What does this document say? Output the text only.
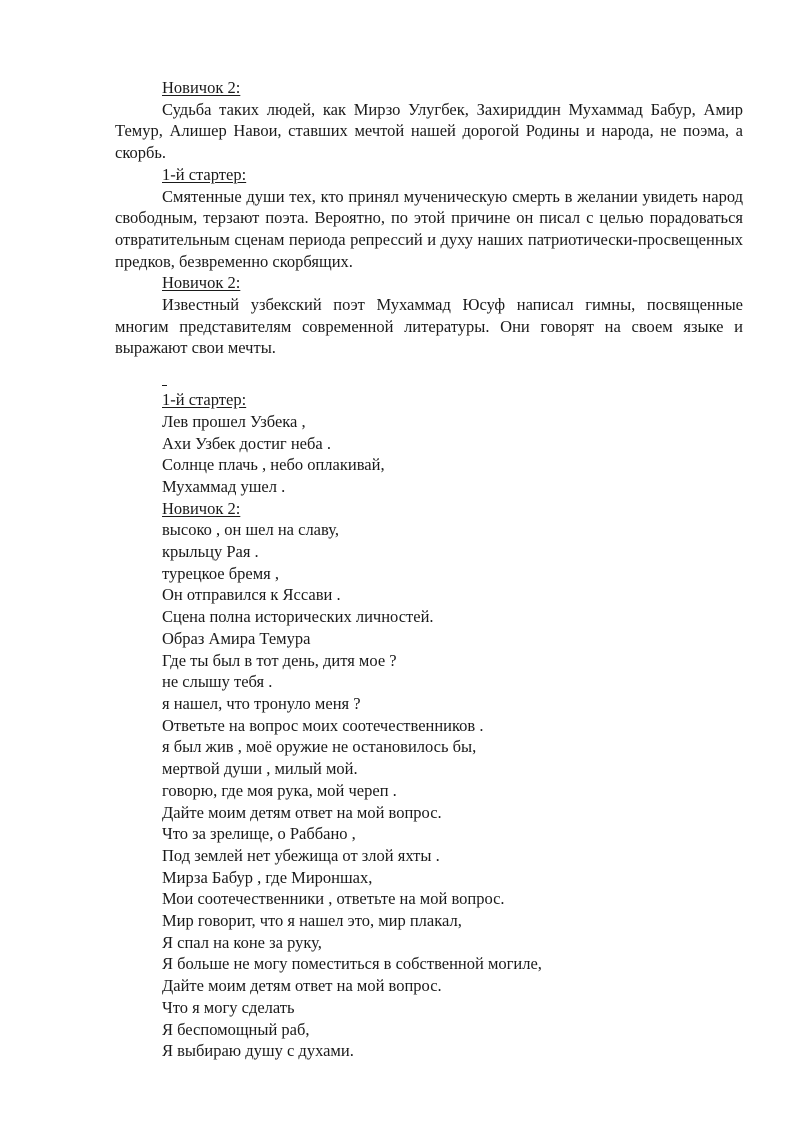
Новичок 2:

Судьба таких людей, как Мирзо Улугбек, Захириддин Мухаммад Бабур, Амир Темур, Алишер Навои, ставших мечтой нашей дорогой Родины и народа, не поэма, а скорбь.

1-й стартер:

Смятенные души тех, кто принял мученическую смерть в желании увидеть народ свободным, терзают поэта. Вероятно, по этой причине он писал с целью порадоваться отвратительным сценам периода репрессий и духу наших патриотически-просвещенных предков, безвременно скорбящих.

Новичок 2:

Известный узбекский поэт Мухаммад Юсуф написал гимны, посвященные многим представителям современной литературы. Они говорят на своем языке и выражают свои мечты.

1-й стартер:
Лев прошел Узбека ,
Ахи Узбек достиг неба .
Солнце плачь , небо оплакивай,
Мухаммад ушел .
Новичок 2:
высоко , он шел на славу,
крыльцу Рая .
турецкое бремя ,
Он отправился к Яссави .
Сцена полна исторических личностей.
Образ Амира Темура
Где ты был в тот день, дитя мое ?
не слышу тебя .
я нашел, что тронуло меня ?
Ответьте на вопрос моих соотечественников .
я был жив , моё оружие не остановилось бы,
мертвой души , милый мой.
говорю, где моя рука, мой череп .
Дайте моим детям ответ на мой вопрос.
Что за зрелище, о Раббано ,
Под землей нет убежища от злой яхты .
Мирза Бабур , где Мироншах,
Мои соотечественники , ответьте на мой вопрос.
Мир говорит, что я нашел это, мир плакал,
Я спал на коне за руку,
Я больше не могу поместиться в собственной могиле,
Дайте моим детям ответ на мой вопрос.
Что я могу сделать
Я беспомощный раб,
Я выбираю душу с духами.
